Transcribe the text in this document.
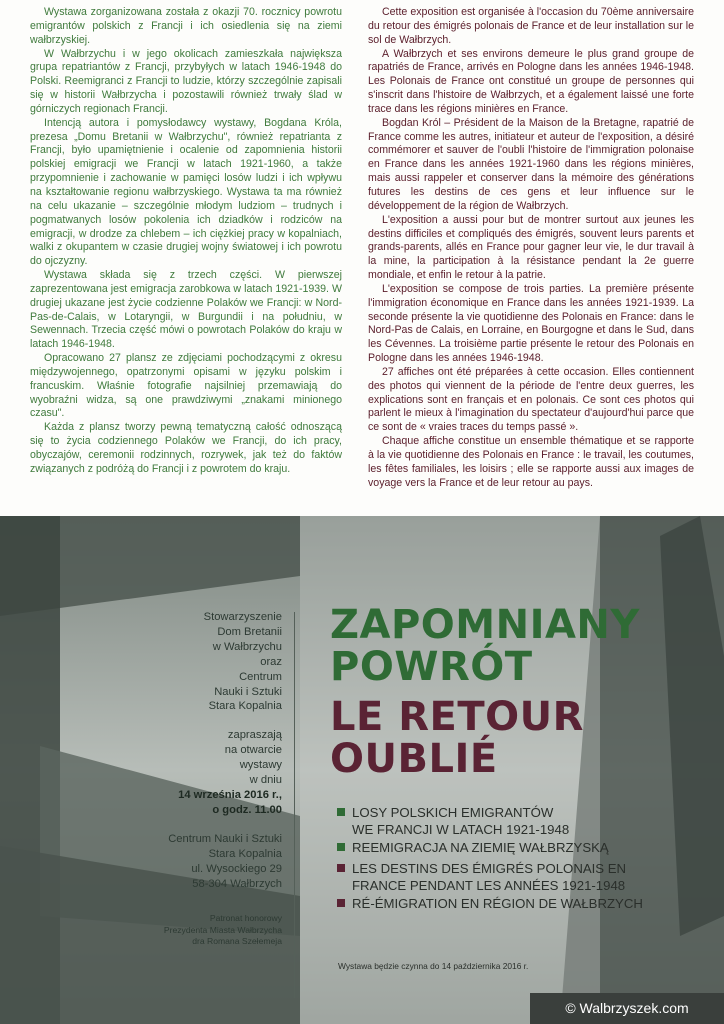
Wystawa zorganizowana została z okazji 70. rocznicy powrotu emigrantów polskich z Francji i ich osiedlenia się na ziemi wałbrzyskiej.

W Wałbrzychu i w jego okolicach zamieszkała największa grupa repatriantów z Francji, przybyłych w latach 1946-1948 do Polski. Reemigranci z Francji to ludzie, którzy szczególnie zapisali się w historii Wałbrzycha i pozostawili również trwały ślad w górniczych regionach Francji.

Intencją autora i pomysłodawcy wystawy, Bogdana Króla, prezesa „Domu Bretanii w Wałbrzychu", również repatrianta z Francji, było upamiętnienie i ocalenie od zapomnienia historii polskiej emigracji we Francji w latach 1921-1960, a także przypomnienie i zachowanie w pamięci losów ludzi i ich wpływu na kształtowanie regionu wałbrzyskiego. Wystawa ta ma również na celu ukazanie – szczególnie młodym ludziom – trudnych i pogmatwanych losów pokolenia ich dziadków i rodziców na emigracji, w drodze za chlebem – ich ciężkiej pracy w kopalniach, walki z okupantem w czasie drugiej wojny światowej i ich powrotu do ojczyzny.

Wystawa składa się z trzech części. W pierwszej zaprezentowana jest emigracja zarobkowa w latach 1921-1939. W drugiej ukazane jest życie codzienne Polaków we Francji: w Nord-Pas-de-Calais, w Lotaryngii, w Burgundii i na południu, w Sewennach. Trzecia część mówi o powrotach Polaków do kraju w latach 1946-1948.

Opracowano 27 plansz ze zdjęciami pochodzącymi z okresu międzywojennego, opatrzonymi opisami w języku polskim i francuskim. Właśnie fotografie najsilniej przemawiają do wyobraźni widza, są one prawdziwymi „znakami minionego czasu".

Każda z plansz tworzy pewną tematyczną całość odnoszącą się to życia codziennego Polaków we Francji, do ich pracy, obyczajów, ceremonii rodzinnych, rozrywek, jak też do faktów związanych z podróżą do Francji i z powrotem do kraju.

Cette exposition est organisée à l'occasion du 70ème anniversaire du retour des émigrés polonais de France et de leur installation sur le sol de Wałbrzych.

A Wałbrzych et ses environs demeure le plus grand groupe de rapatriés de France, arrivés en Pologne dans les années 1946-1948. Les Polonais de France ont constitué un groupe de personnes qui s'inscrit dans l'histoire de Wałbrzych, et a également laissé une forte trace dans les régions minières en France.

Bogdan Król – Président de la Maison de la Bretagne, rapatrié de France comme les autres, initiateur et auteur de l'exposition, a désiré commémorer et sauver de l'oubli l'histoire de l'immigration polonaise en France dans les années 1921-1960 dans les régions minières, mais aussi rappeler et conserver dans la mémoire des générations futures les destins de ces gens et leur influence sur le développement de la région de Wałbrzych.

L'exposition a aussi pour but de montrer surtout aux jeunes les destins difficiles et compliqués des émigrés, souvent leurs parents et grands-parents, allés en France pour gagner leur vie, le dur travail à la mine, la participation à la résistance pendant la 2e guerre mondiale, et enfin le retour à la patrie.

L'exposition se compose de trois parties. La première présente l'immigration économique en France dans les années 1921-1939. La seconde présente la vie quotidienne des Polonais en France: dans le Nord-Pas de Calais, en Lorraine, en Bourgogne et dans le Sud, dans les Cévennes. La troisième partie présente le retour des Polonais en Pologne dans les années 1946-1948.

27 affiches ont été préparées à cette occasion. Elles contiennent des photos qui viennent de la période de l'entre deux guerres, les explications sont en français et en polonais. Ce sont ces photos qui parlent le mieux à l'imagination du spectateur d'aujourd'hui parce que ce sont de « vraies traces du temps passé ».

Chaque affiche constitue un ensemble thématique et se rapporte à la vie quotidienne des Polonais en France : le travail, les coutumes, les fêtes familiales, les loisirs ; elle se rapporte aussi aux images de voyage vers la France et de leur retour au pays.

Stowarzyszenie
Dom Bretanii
w Wałbrzychu
oraz
Centrum
Nauki i Sztuki
Stara Kopalnia
zapraszają
na otwarcie
wystawy
w dniu
14 września 2016 r.,
o godz. 11.00
Centrum Nauki i Sztuki
Stara Kopalnia
ul. Wysockiego 29
58-304 Wałbrzych
Patronat honorowy
Prezydenta Miasta Wałbrzycha
dra Romana Szełemeja
ZAPOMNIANY
POWRÓT
LE RETOUR
OUBLIÉ
LOSY POLSKICH EMIGRANTÓW
WE FRANCJI W LATACH 1921-1948
REEMIGRACJA NA ZIEMIĘ WAŁBRZYSKĄ
LES DESTINS DES ÉMIGRÉS POLONAIS EN
FRANCE PENDANT LES ANNÉES 1921-1948
RÉ-ÉMIGRATION EN RÉGION DE WAŁBRZYCH
Wystawa będzie czynna do 14 października 2016 r.
© Walbrzyszek.com
